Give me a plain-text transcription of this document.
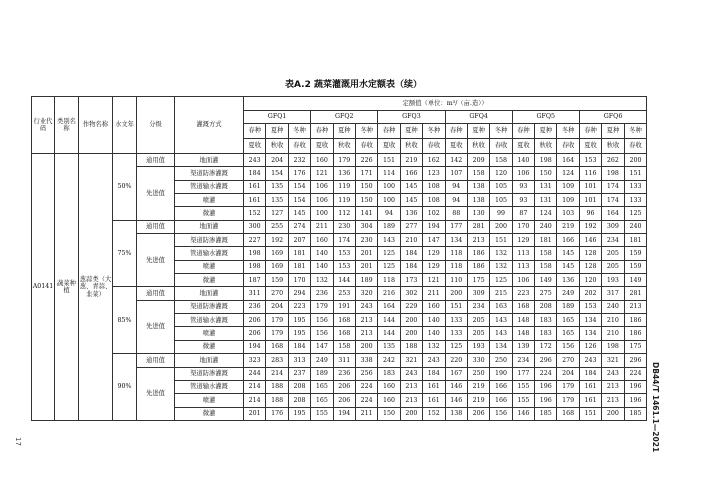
表A.2 蔬菜灌溉用水定额表（续）
行业代码	类别名称	作物名称	水文年	分级	灌溉方式	定额值（单位：m³/（亩.造））																	
						GFQ1			GFQ2			GFQ3			GFQ4			GFQ5			GFQ6		
						春种	夏种	冬种	春种	夏种	冬种	春种	夏种	冬种	春种	夏种	冬种	春种	夏种	冬种	春种	夏种	冬种
						夏收	秋收	春收	夏收	秋收	春收	夏收	秋收	春收	夏收	秋收	春收	夏收	秋收	春收	夏收	秋收	春收
A0141	蔬菜种植	葱蒜类（大葱、青蒜、韭菜）	50%	通用值	地面灌	243	204	232	160	179	226	151	219	162	142	209	158	140	198	164	153	262	200
				先进值	渠道防渗灌溉	184	154	176	121	136	171	114	166	123	107	158	120	106	150	124	116	198	151
					管道输水灌溉	161	135	154	106	119	150	100	145	108	94	138	105	93	131	109	101	174	133
					喷灌	161	135	154	106	119	150	100	145	108	94	138	105	93	131	109	101	174	133
					微灌	152	127	145	100	112	141	94	136	102	88	130	99	87	124	103	96	164	125
			75%	通用值	地面灌	300	255	274	211	230	304	189	277	194	177	281	200	170	240	219	192	309	240
				先进值	渠道防渗灌溉	227	192	207	160	174	230	143	210	147	134	213	151	129	181	166	146	234	181
					管道输水灌溉	198	169	181	140	153	201	125	184	129	118	186	132	113	158	145	128	205	159
					喷灌	198	169	181	140	153	201	125	184	129	118	186	132	113	158	145	128	205	159
					微灌	187	159	170	132	144	189	118	173	121	110	175	125	106	149	136	120	193	149
			85%	通用值	地面灌	311	270	294	236	253	320	216	302	211	200	309	215	223	275	249	202	317	281
				先进值	渠道防渗灌溉	236	204	223	179	191	243	164	229	160	151	234	163	168	208	189	153	240	213
					管道输水灌溉	206	179	195	156	168	213	144	200	140	133	205	143	148	183	165	134	210	186
					喷灌	206	179	195	156	168	213	144	200	140	133	205	143	148	183	165	134	210	186
					微灌	194	168	184	147	158	200	135	188	132	125	193	134	139	172	156	126	198	175
			90%	通用值	地面灌	323	283	313	249	311	338	242	321	243	220	330	250	234	296	270	243	321	296
				先进值	渠道防渗灌溉	244	214	237	189	236	256	183	243	184	167	250	190	177	224	204	184	243	224
					管道输水灌溉	214	188	208	165	206	224	160	213	161	146	219	166	155	196	179	161	213	196
					喷灌	214	188	208	165	206	224	160	213	161	146	219	166	155	196	179	161	213	196
					微灌	201	176	195	155	194	211	150	200	152	138	206	156	146	185	168	151	200	185
17	DB44/T 1461.1—2021
